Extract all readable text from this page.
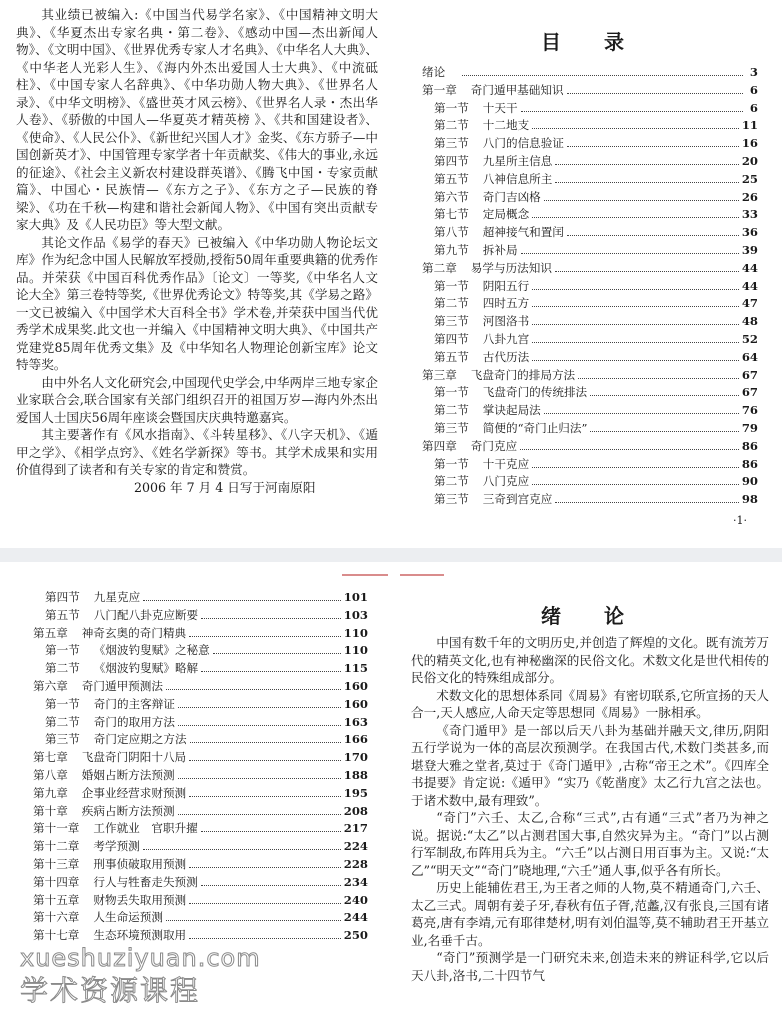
其业绩已被编入:《中国当代易学名家》、《中国精神文明大典》、《华夏杰出专家名典・第二卷》、《感动中国—杰出新闻人物》、《文明中国》、《世界优秀专家人才名典》、《中华名人大典》、《中华老人光彩人生》、《海内外杰出爱国人士大典》、《中流砥柱》、《中国专家人名辞典》、《中华功勋人物大典》、《世界名人录》、《中华文明榜》、《盛世英才风云榜》、《世界名人录・杰出华人卷》、《骄傲的中国人—华夏英才精英榜 》、《共和国建设者》、《使命》、《人民公仆》、《新世纪兴国人才》金奖、《东方骄子—中国创新英才》、中国管理专家学者十年贡献奖、《伟大的事业,永远的征途》、《社会主义新农村建设群英谱》、《腾飞中国・专家贡献篇》、中国心・民族情—《东方之子》、《东方之子—民族的脊梁》、《功在千秋—构建和谐社会新闻人物》、《中国有突出贡献专家大典》及《人民功臣》等大型文献。

其论文作品《易学的春天》已被编入《中华功勋人物论坛文库》作为纪念中国人民解放军授勋,授衔50周年重要典籍的优秀作品。并荣获《中国百科优秀作品》〔论文〕一等奖,《中华名人文论大全》第三卷特等奖,《世界优秀论文》特等奖,其《学易之路》一文已被编入《中国学术大百科全书》学术卷,并荣获中国当代优秀学术成果奖.此文也一并编入《中国精神文明大典》、《中国共产党建党85周年优秀文集》及《中华知名人物理论创新宝库》论文特等奖。

由中外名人文化研究会,中国现代史学会,中华两岸三地专家企业家联合会,联合国家有关部门组织召开的祖国万岁—海内外杰出爱国人士国庆56周年座谈会暨国庆庆典特邀嘉宾。

其主要著作有《风水指南》、《斗转星移》、《八字天机》、《遁甲之学》、《相学点窍》、《姓名学新探》等书。其学术成果和实用价值得到了读者和有关专家的肯定和赞赏。

2006 年 7 月 4 日写于河南原阳

目 录
绪论	3
第一章 奇门遁甲基础知识	6
第一节 十天干	6
第二节 十二地支	11
第三节 八门的信息验证	16
第四节 九星所主信息	20
第五节 八神信息所主	25
第六节 奇门吉凶格	26
第七节 定局概念	33
第八节 超神接气和置闰	36
第九节 拆补局	39
第二章 易学与历法知识	44
第一节 阴阳五行	44
第二节 四时五方	47
第三节 河图洛书	48
第四节 八卦九宫	52
第五节 古代历法	64
第三章 飞盘奇门的排局方法	67
第一节 飞盘奇门的传统排法	67
第二节 掌诀起局法	76
第三节 简便的“奇门止归法”	79
第四章 奇门克应	86
第一节 十干克应	86
第二节 八门克应	90
第三节 三奇到宫克应	98
·1·
第四节 九星克应	101
第五节 八门配八卦克应断要	103
第五章 神奇玄奥的奇门精典	110
第一节 《烟波钓叟赋》之秘意	110
第二节 《烟波钓叟赋》略解	115
第六章 奇门遁甲预测法	160
第一节 奇门的主客辩证	160
第二节 奇门的取用方法	163
第三节 奇门定应期之方法	166
第七章 飞盘奇门阴阳十八局	170
第八章 婚姻占断方法预测	188
第九章 企事业经营求财预测	195
第十章 疾病占断方法预测	208
第十一章 工作就业　官职升擢	217
第十二章 考学预测	224
第十三章 刑事侦破取用预测	228
第十四章 行人与牲畜走失预测	234
第十五章 财物丢失取用预测	240
第十六章 人生命运预测	244
第十七章 生态环境预测取用	250
绪 论

中国有数千年的文明历史,并创造了辉煌的文化。既有流芳万代的精英文化,也有神秘幽深的民俗文化。术数文化是世代相传的民俗文化的特殊组成部分。

术数文化的思想体系同《周易》有密切联系,它所宣扬的天人合一,天人感应,人命天定等思想同《周易》一脉相承。

《奇门遁甲》是一部以后天八卦为基础并融天文,律历,阴阳五行学说为一体的高层次预测学。在我国古代,术数门类甚多,而堪登大雅之堂者,莫过于《奇门遁甲》,古称“帝王之术”。《四库全书提要》肯定说:《遁甲》“实乃《乾凿度》太乙行九宫之法也。于诸术数中,最有理致”。

“奇门”六壬、太乙,合称“三式”,古有通“三式”者乃为神之说。据说:“太乙”以占测君国大事,自然灾异为主。“奇门”以占测行军制敌,布阵用兵为主。“六壬”以占测日用百事为主。又说:“太乙”“明天文”“奇门”晓地理,“六壬”通人事,似乎各有所长。

历史上能辅佐君王,为王者之师的人物,莫不精通奇门,六壬、太乙三式。周朝有姜子牙,春秋有伍子胥,范蠡,汉有张良,三国有诸葛亮,唐有李靖,元有耶律楚材,明有刘伯温等,莫不辅助君王开基立业,名垂千古。

“奇门”预测学是一门研究未来,创造未来的辨证科学,它以后天八卦,洛书,二十四节气

xueshuziyuan.com
学术资源课程
